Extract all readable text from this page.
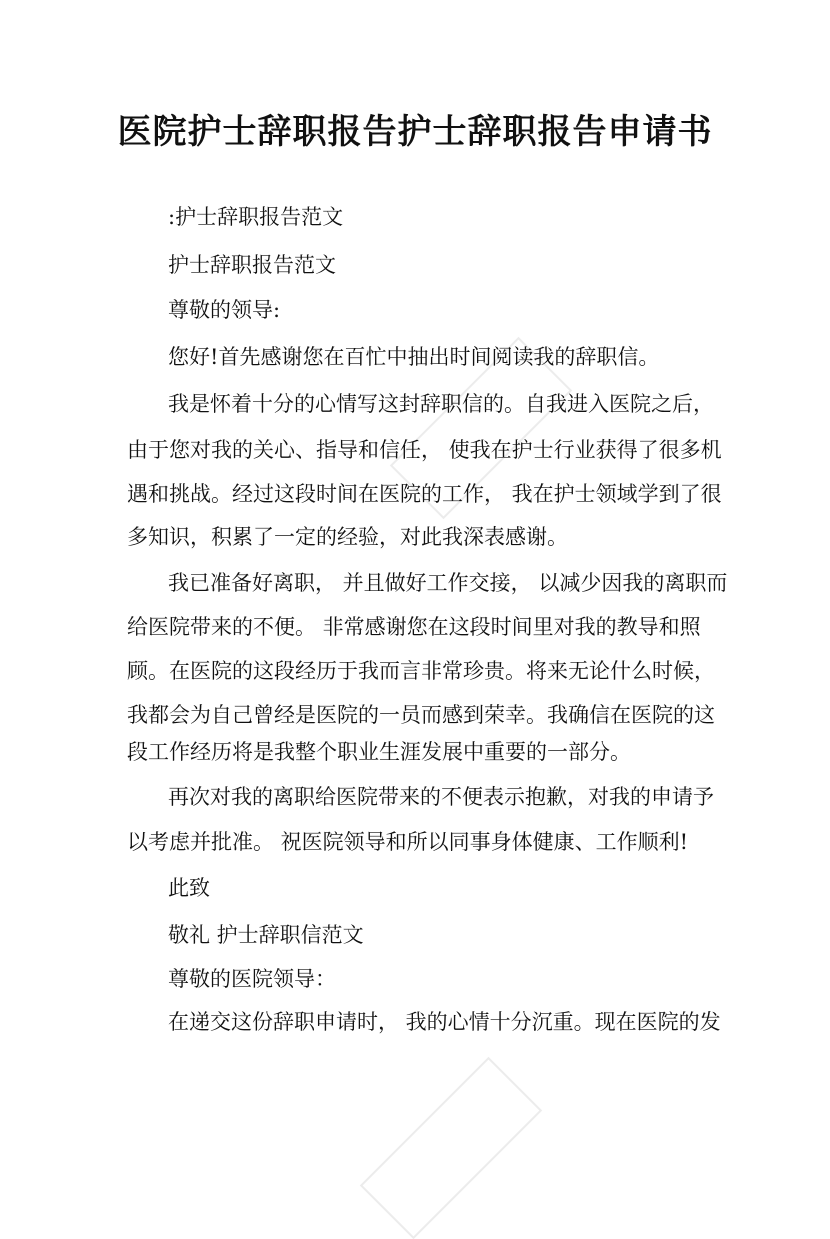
医院护士辞职报告护士辞职报告申请书
:护士辞职报告范文
护士辞职报告范文
尊敬的领导:
您好!首先感谢您在百忙中抽出时间阅读我的辞职信。
我是怀着十分的心情写这封辞职信的。自我进入医院之后，
由于您对我的关心、指导和信任， 使我在护士行业获得了很多机
遇和挑战。经过这段时间在医院的工作， 我在护士领域学到了很
多知识，积累了一定的经验，对此我深表感谢。
我已准备好离职， 并且做好工作交接， 以减少因我的离职而
给医院带来的不便。 非常感谢您在这段时间里对我的教导和照
顾。在医院的这段经历于我而言非常珍贵。将来无论什么时候，
我都会为自己曾经是医院的一员而感到荣幸。我确信在医院的这
段工作经历将是我整个职业生涯发展中重要的一部分。
再次对我的离职给医院带来的不便表示抱歉，对我的申请予
以考虑并批准。 祝医院领导和所以同事身体健康、工作顺利!
此致
敬礼 护士辞职信范文
尊敬的医院领导：
在递交这份辞职申请时， 我的心情十分沉重。现在医院的发
